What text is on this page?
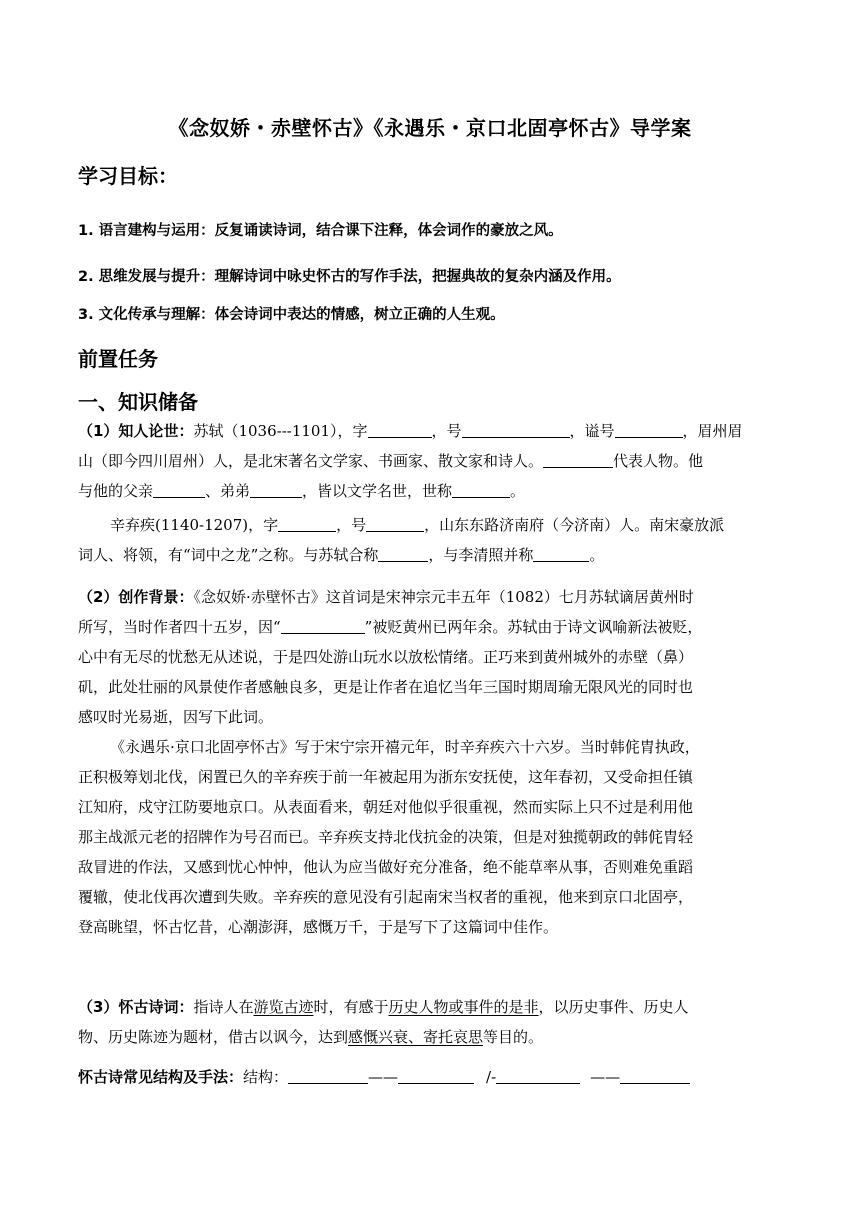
《念奴娇・赤壁怀古》《永遇乐・京口北固亭怀古》导学案
学习目标：
1. 语言建构与运用：反复诵读诗词，结合课下注释，体会词作的豪放之风。
2. 思维发展与提升：理解诗词中咏史怀古的写作手法，把握典故的复杂内涵及作用。
3. 文化传承与理解：体会诗词中表达的情感，树立正确的人生观。
前置任务
一、知识储备
（1）知人论世：苏轼（1036---1101），字	，号	，谥号	，眉州眉
山（即今四川眉州）人，是北宋著名文学家、书画家、散文家和诗人。	代表人物。他
与他的父亲	、弟弟	，皆以文学名世，世称	。
辛弃疾(1140-1207)，字	，号	，山东东路济南府（今济南）人。南宋豪放派
词人、将领，有“词中之龙”之称。与苏轼合称	，与李清照并称	。
（2）创作背景：《念奴娇·赤壁怀古》这首词是宋神宗元丰五年（1082）七月苏轼谪居黄州时
所写，当时作者四十五岁，因“	”被贬黄州已两年余。苏轼由于诗文讽喻新法被贬，
心中有无尽的忧愁无从述说，于是四处游山玩水以放松情绪。正巧来到黄州城外的赤壁（鼻）
矶，此处壮丽的风景使作者感触良多，更是让作者在追忆当年三国时期周瑜无限风光的同时也
感叹时光易逝，因写下此词。
《永遇乐·京口北固亭怀古》写于宋宁宗开禧元年，时辛弃疾六十六岁。当时韩侂胄执政，
正积极筹划北伐，闲置已久的辛弃疾于前一年被起用为浙东安抚使，这年春初，又受命担任镇
江知府，戍守江防要地京口。从表面看来，朝廷对他似乎很重视，然而实际上只不过是利用他
那主战派元老的招牌作为号召而已。辛弃疾支持北伐抗金的决策，但是对独揽朝政的韩侂胄轻
敌冒进的作法，又感到忧心忡忡，他认为应当做好充分准备，绝不能草率从事，否则难免重蹈
覆辙，使北伐再次遭到失败。辛弃疾的意见没有引起南宋当权者的重视，他来到京口北固亭，
登高眺望，怀古忆昔，心潮澎湃，感慨万千，于是写下了这篇词中佳作。
（3）怀古诗词：指诗人在游览古迹时，有感于历史人物或事件的是非，以历史事件、历史人
物、历史陈迹为题材，借古以讽今，达到感慨兴衰、寄托哀思等目的。
怀古诗常见结构及手法：结构：	——	/-	——
